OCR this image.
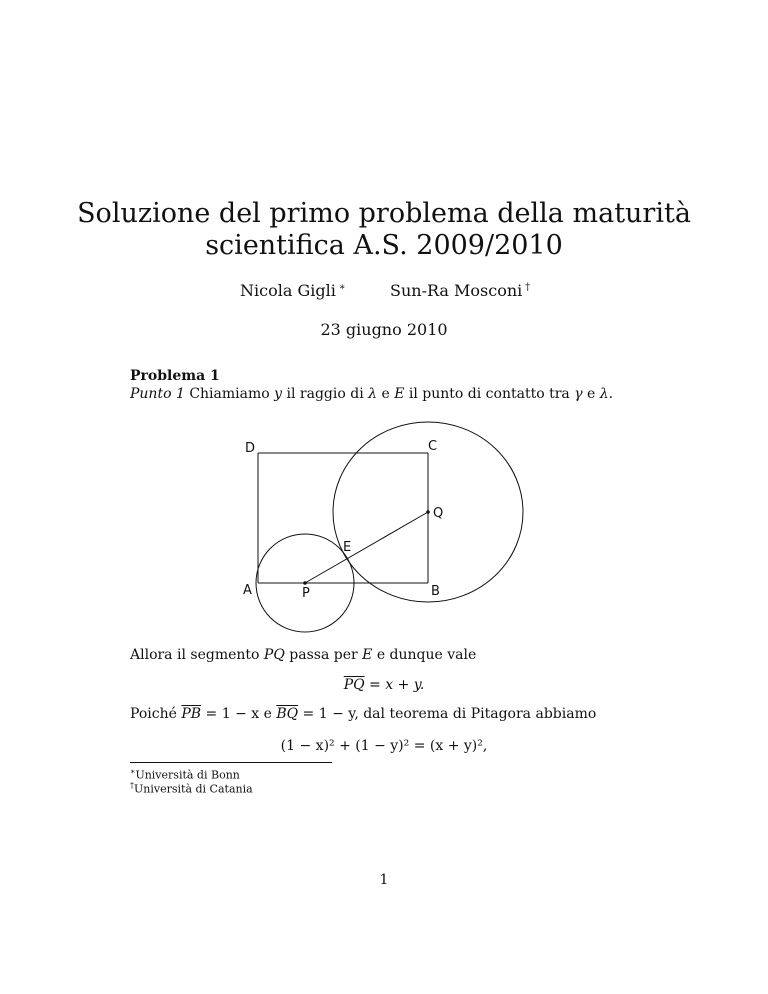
Soluzione del primo problema della maturità
scientifica A.S. 2009/2010
Nicola Gigli ∗	Sun-Ra Mosconi †
23 giugno 2010
Problema 1
Punto 1 Chiamiamo y il raggio di λ e E il punto di contatto tra γ e λ.
D	C
Q
E
A	P	B
Allora il segmento PQ passa per E e dunque vale
$\overline{PQ} = x + y$.
Poiché $\overline{PB} = 1 - x$ e $\overline{BQ} = 1 - y$, dal teorema di Pitagora abbiamo
(1 − x)² + (1 − y)² = (x + y)²,
∗Università di Bonn
†Università di Catania
1
